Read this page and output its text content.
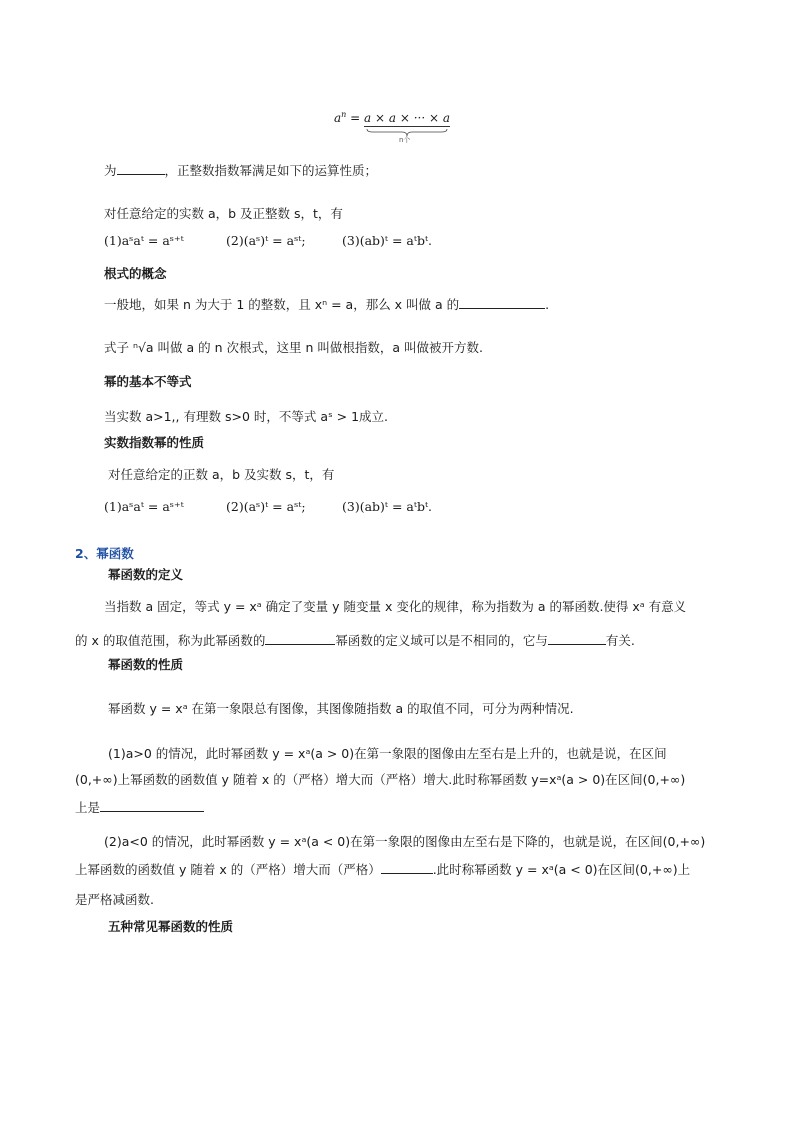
$a^n = a \times a$ × ··· × a
n个
为	，正整数指数幂满足如下的运算性质；
对任意给定的实数 a，b 及正整数 s，t，有
(1)aˢaᵗ = aˢ⁺ᵗ	(2)(aˢ)ᵗ = aˢᵗ;	(3)(ab)ᵗ = aᵗbᵗ.
根式的概念
一般地，如果 n 为大于 1 的整数，且 xⁿ = a，那么 x 叫做 a 的	.
式子 ⁿ√a 叫做 a 的 n 次根式，这里 n 叫做根指数，a 叫做被开方数.
幂的基本不等式
当实数 a>1,, 有理数 s>0 时，不等式 aˢ > 1成立.
实数指数幂的性质
对任意给定的正数 a，b 及实数 s，t，有
(1)aˢaᵗ = aˢ⁺ᵗ	(2)(aˢ)ᵗ = aˢᵗ;	(3)(ab)ᵗ = aᵗbᵗ.
2、幂函数
幂函数的定义
当指数 a 固定，等式 y = xᵃ 确定了变量 y 随变量 x 变化的规律，称为指数为 a 的幂函数.使得 xᵃ 有意义
的 x 的取值范围，称为此幂函数的	幂函数的定义域可以是不相同的，它与	有关.
幂函数的性质
幂函数 y = xᵃ 在第一象限总有图像，其图像随指数 a 的取值不同，可分为两种情况.
(1)a>0 的情况，此时幂函数 y = xᵃ(a > 0)在第一象限的图像由左至右是上升的，也就是说，在区间
(0,+∞)上幂函数的函数值 y 随着 x 的（严格）增大而（严格）增大.此时称幂函数 y=xᵃ(a > 0)在区间(0,+∞)
上是
(2)a<0 的情况，此时幂函数 y = xᵃ(a < 0)在第一象限的图像由左至右是下降的，也就是说，在区间(0,+∞)
上幂函数的函数值 y 随着 x 的（严格）增大而（严格）	.此时称幂函数 y = xᵃ(a < 0)在区间(0,+∞)上
是严格减函数.
五种常见幂函数的性质
